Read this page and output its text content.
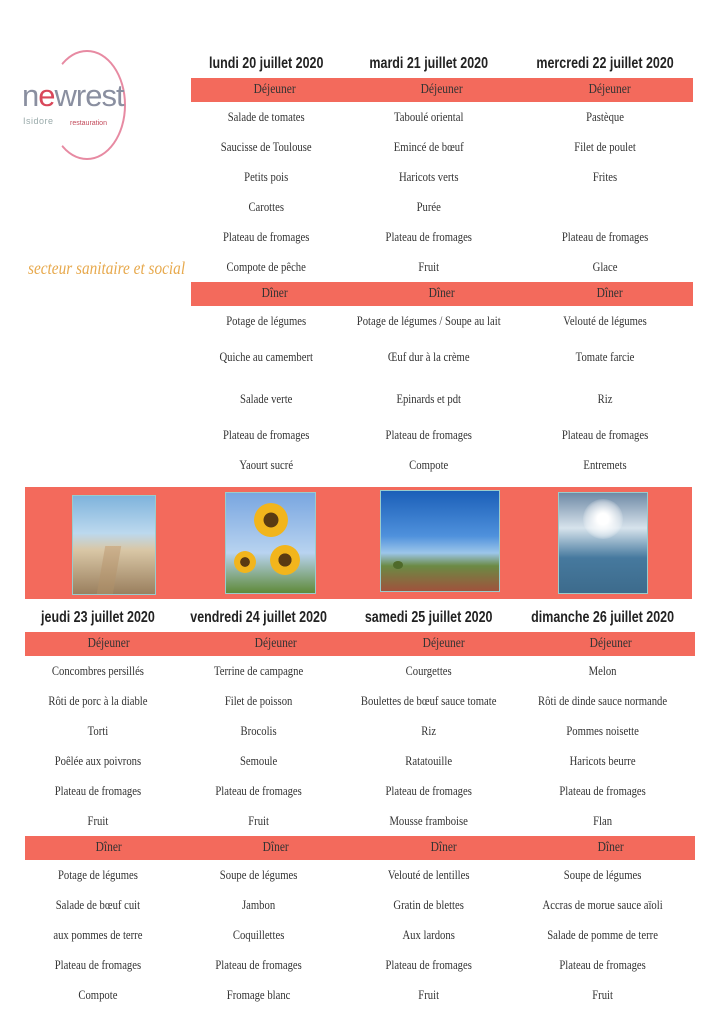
newrest
Isidore restauration
secteur sanitaire et social
lundi 20 juillet 2020	mardi 21 juillet 2020	mercredi 22 juillet 2020
Déjeuner	Déjeuner	Déjeuner
Salade de tomates	Taboulé oriental	Pastèque
Saucisse de Toulouse	Emincé de bœuf	Filet de poulet
Petits pois	Haricots verts	Frites
Carottes	Purée
Plateau de fromages	Plateau de fromages	Plateau de fromages
Compote de pêche	Fruit	Glace
Dîner	Dîner	Dîner
Potage de légumes	Potage de légumes / Soupe au lait	Velouté de légumes
Quiche au camembert	Œuf dur à la crème	Tomate farcie
Salade verte	Epinards et pdt	Riz
Plateau de fromages	Plateau de fromages	Plateau de fromages
Yaourt sucré	Compote	Entremets
jeudi 23 juillet 2020 vendredi 24 juillet 2020 samedi 25 juillet 2020 dimanche 26 juillet 2020
Déjeuner	Déjeuner	Déjeuner	Déjeuner
Concombres persillés	Terrine de campagne	Courgettes	Melon
Rôti de porc à la diable	Filet de poisson	Boulettes de bœuf sauce tomate	Rôti de dinde sauce normande
Torti	Brocolis	Riz	Pommes noisette
Poêlée aux poivrons	Semoule	Ratatouille	Haricots beurre
Plateau de fromages	Plateau de fromages	Plateau de fromages	Plateau de fromages
Fruit	Fruit	Mousse framboise	Flan
Dîner	Dîner	Dîner	Dîner
Potage de légumes	Soupe de légumes	Velouté de lentilles	Soupe de légumes
Salade de bœuf cuit	Jambon	Gratin de blettes	Accras de morue sauce aïoli
aux pommes de terre	Coquillettes	Aux lardons	Salade de pomme de terre
Plateau de fromages	Plateau de fromages	Plateau de fromages	Plateau de fromages
Compote	Fromage blanc	Fruit	Fruit
